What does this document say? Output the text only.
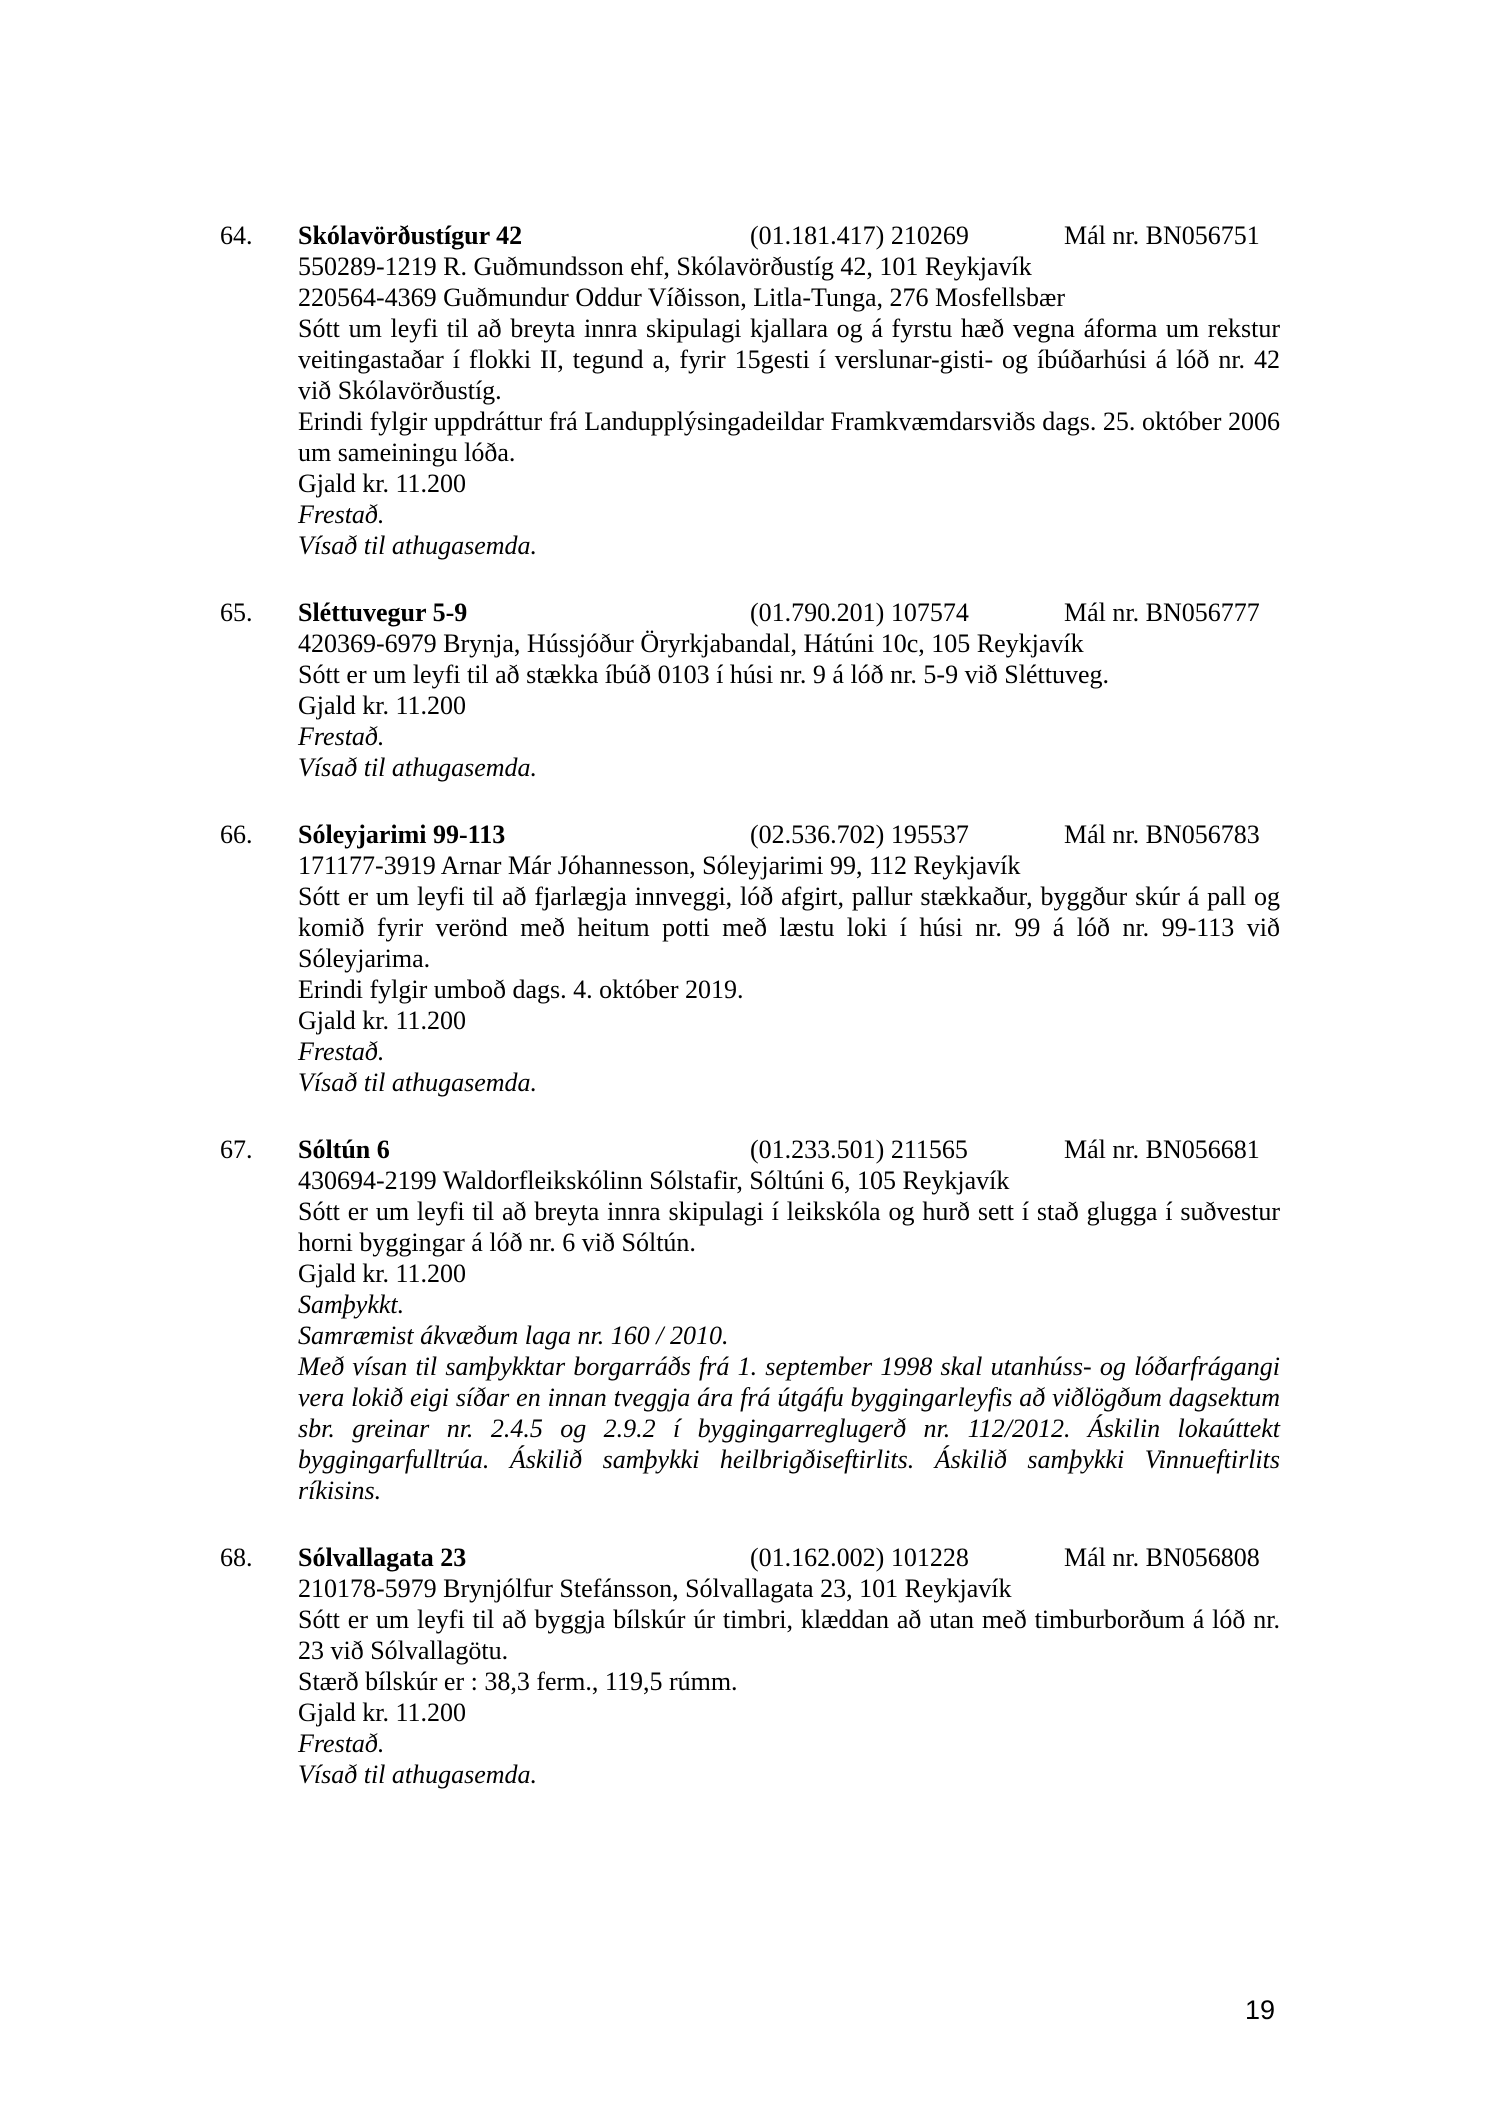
64.	Skólavörðustígur 42	(01.181.417) 210269	Mál nr. BN056751

550289-1219 R. Guðmundsson ehf, Skólavörðustíg 42, 101 Reykjavík

220564-4369 Guðmundur Oddur Víðisson, Litla-Tunga, 276 Mosfellsbær

Sótt um leyfi til að breyta innra skipulagi kjallara og á fyrstu hæð vegna áforma um rekstur veitingastaðar í flokki II, tegund a, fyrir 15gesti í verslunar-gisti- og íbúðarhúsi á lóð nr. 42 við Skólavörðustíg.

Erindi fylgir uppdráttur frá Landupplýsingadeildar Framkvæmdarsviðs dags. 25. október 2006 um sameiningu lóða.

Gjald kr. 11.200

Frestað.

Vísað til athugasemda.

65.	Sléttuvegur 5-9	(01.790.201) 107574	Mál nr. BN056777

420369-6979 Brynja, Hússjóður Öryrkjabandal, Hátúni 10c, 105 Reykjavík

Sótt er um leyfi til að stækka íbúð 0103 í húsi nr. 9 á lóð nr. 5-9 við Sléttuveg.

Gjald kr. 11.200

Frestað.

Vísað til athugasemda.

66.	Sóleyjarimi 99-113	(02.536.702) 195537	Mál nr. BN056783

171177-3919 Arnar Már Jóhannesson, Sóleyjarimi 99, 112 Reykjavík

Sótt er um leyfi til að fjarlægja innveggi, lóð afgirt, pallur stækkaður, byggður skúr á pall og komið fyrir verönd með heitum potti með læstu loki í húsi nr. 99 á lóð nr. 99-113 við Sóleyjarima.

Erindi fylgir umboð dags. 4. október 2019.

Gjald kr. 11.200

Frestað.

Vísað til athugasemda.

67.	Sóltún 6	(01.233.501) 211565	Mál nr. BN056681

430694-2199 Waldorfleikskólinn Sólstafir, Sóltúni 6, 105 Reykjavík

Sótt er um leyfi til að breyta innra skipulagi í leikskóla og hurð sett í stað glugga í suðvestur horni byggingar á lóð nr. 6 við Sóltún.

Gjald kr. 11.200

Samþykkt.

Samræmist ákvæðum laga nr. 160 / 2010.

Með vísan til samþykktar borgarráðs frá 1. september 1998 skal utanhúss- og lóðarfrágangi vera lokið eigi síðar en innan tveggja ára frá útgáfu byggingarleyfis að viðlögðum dagsektum sbr. greinar nr. 2.4.5 og 2.9.2 í byggingarreglugerð nr. 112/2012. Áskilin lokaúttekt byggingarfulltrúa. Áskilið samþykki heilbrigðiseftirlits. Áskilið samþykki Vinnueftirlits ríkisins.

68.	Sólvallagata 23	(01.162.002) 101228	Mál nr. BN056808

210178-5979 Brynjólfur Stefánsson, Sólvallagata 23, 101 Reykjavík

Sótt er um leyfi til að byggja bílskúr úr timbri, klæddan að utan með timburborðum á lóð nr. 23 við Sólvallagötu.

Stærð bílskúr er : 38,3 ferm., 119,5 rúmm.

Gjald kr. 11.200

Frestað.

Vísað til athugasemda.

19
